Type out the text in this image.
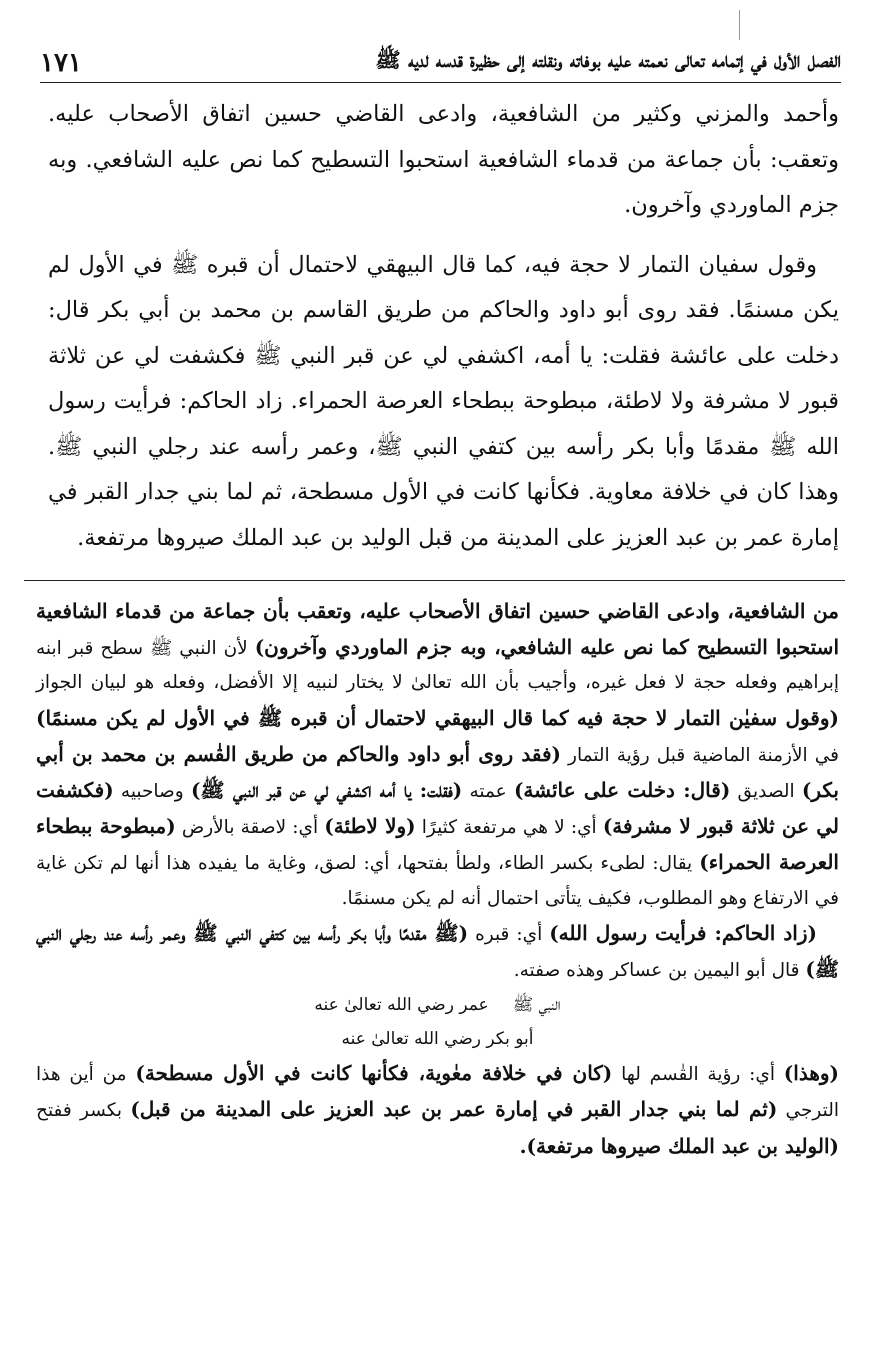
الفصل الأول في إتمامه تعالى نعمته عليه بوفاته ونقلته إلى حظيرة قدسه لديه ﷺ
١٧١

وأحمد والمزني وكثير من الشافعية، وادعى القاضي حسين اتفاق الأصحاب عليه. وتعقب: بأن جماعة من قدماء الشافعية استحبوا التسطيح كما نص عليه الشافعي. وبه جزم الماوردي وآخرون.

وقول سفيان التمار لا حجة فيه، كما قال البيهقي لاحتمال أن قبره ﷺ في الأول لم يكن مسنمًا. فقد روى أبو داود والحاكم من طريق القاسم بن محمد بن أبي بكر قال: دخلت على عائشة فقلت: يا أمه، اكشفي لي عن قبر النبي ﷺ فكشفت لي عن ثلاثة قبور لا مشرفة ولا لاطئة، مبطوحة ببطحاء العرصة الحمراء. زاد الحاكم: فرأيت رسول الله ﷺ مقدمًا وأبا بكر رأسه بين كتفي النبي ﷺ، وعمر رأسه عند رجلي النبي ﷺ. وهذا كان في خلافة معاوية. فكأنها كانت في الأول مسطحة، ثم لما بني جدار القبر في إمارة عمر بن عبد العزيز على المدينة من قبل الوليد بن عبد الملك صيروها مرتفعة.

من الشافعية، وادعى القاضي حسين اتفاق الأصحاب عليه، وتعقب بأن جماعة من قدماء الشافعية استحبوا التسطيح كما نص عليه الشافعي، وبه جزم الماوردي وآخرون) لأن النبي ﷺ سطح قبر ابنه إبراهيم وفعله حجة لا فعل غيره، وأجيب بأن الله تعالىٰ لا يختار لنبيه إلا الأفضل، وفعله هو لبيان الجواز (وقول سفيٰن التمار لا حجة فيه كما قال البيهقي لاحتمال أن قبره ﷺ في الأول لم يكن مسنمًا) في الأزمنة الماضية قبل رؤية التمار (فقد روى أبو داود والحاكم من طريق القٰسم بن محمد بن أبي بكر) الصديق (قال: دخلت على عائشة) عمته (فقلت: يا أمه اكشفي لي عن قبر النبي ﷺ) وصاحبيه (فكشفت لي عن ثلاثة قبور لا مشرفة) أي: لا هي مرتفعة كثيرًا (ولا لاطئة) أي: لاصقة بالأرض (مبطوحة ببطحاء العرصة الحمراء) يقال: لطىء بكسر الطاء، ولطأ بفتحها، أي: لصق، وغاية ما يفيده هذا أنها لم تكن غاية في الارتفاع وهو المطلوب، فكيف يتأتى احتمال أنه لم يكن مسنمًا.

(زاد الحاكم: فرأيت رسول الله) أي: قبره (ﷺ مقدمًا وأبا بكر رأسه بين كتفي النبي ﷺ وعمر رأسه عند رجلي النبي ﷺ) قال أبو اليمين بن عساكر وهذه صفته.

النبي ﷺعمر رضي الله تعالىٰ عنه
أبو بكر رضي الله تعالىٰ عنه

(وهذا) أي: رؤية القٰسم لها (كان في خلافة معٰوية، فكأنها كانت في الأول مسطحة) من أين هذا الترجي (ثم لما بني جدار القبر في إمارة عمر بن عبد العزيز على المدينة من قبل) بكسر ففتح (الوليد بن عبد الملك صيروها مرتفعة).
